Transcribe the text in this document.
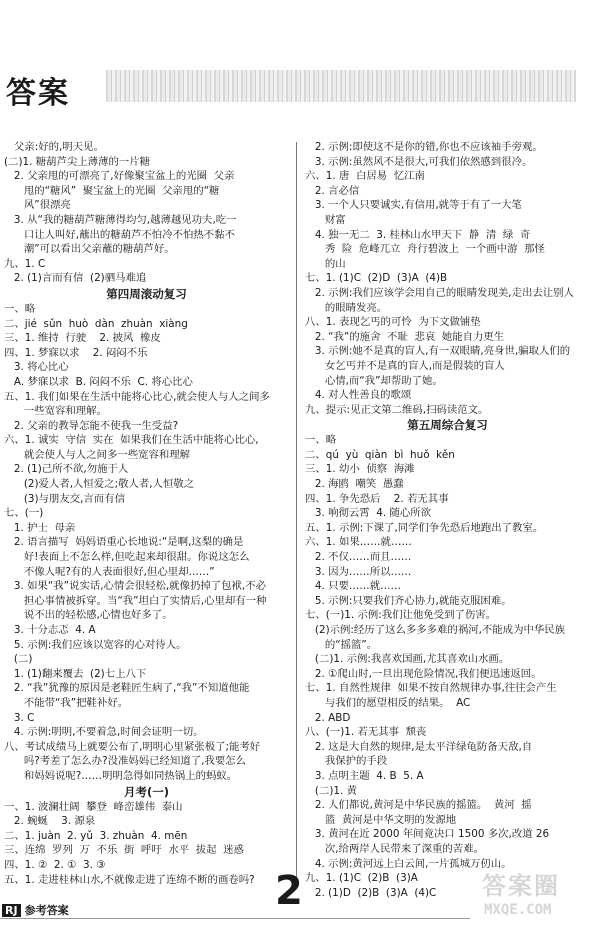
答案
父亲:好的,明天见。
(二)1. 糖葫芦尖上薄薄的一片糖
2. 父亲甩的可漂亮了,好像聚宝盆上的光圈  父亲
甩的“糖风”  聚宝盆上的光圈  父亲甩的“糖
风”很漂亮
3. 从“我的糖葫芦糖薄得均匀,越薄越见功夫,吃一
口让人叫好,蘸出的糖葫芦不怕冷不怕热不黏不
潮”可以看出父亲蘸的糖葫芦好。
九、1. C
2. (1)言而有信  (2)驷马难追
第四周滚动复习
一、略
二、jié  sǔn  huò  dàn  zhuàn  xiàng
三、1. 维持  行驶    2. 披风  橡皮
四、1. 梦寐以求    2. 闷闷不乐
3. 将心比心
A. 梦寐以求  B. 闷闷不乐  C. 将心比心
五、1. 我们如果在生活中能将心比心,就会使人与人之间多
一些宽容和理解。
2. 父亲的教导怎能不使我一生受益?
六、1. 诚实  守信  实在  如果我们在生活中能将心比心,
就会使人与人之间多一些宽容和理解
2. (1)己所不欲,勿施于人
(2)爱人者,人恒爱之;敬人者,人恒敬之
(3)与朋友交,言而有信
七、(一)
1. 护士  母亲
2. 语言描写  妈妈语重心长地说:“是啊,这梨的确是
好!表面上不怎么样,但吃起来却很甜。你说这怎么
不像人呢?有的人表面很好,但心里却……”
3. 如果“我”说实话,心情会很轻松,就像扔掉了包袱,不必
担心事情被拆穿。当“我”坦白了实情后,心里却有一种
说不出的轻松感,心情也好多了。
3. 十分志忑  4. A
5. 示例:我们应该以宽容的心对待人。
(二)
1. (1)翻来覆去  (2)七上八下
2. “我”犹豫的原因是老鞋匠生病了,“我”不知道他能
不能带“我”把鞋补好。
3. C
4. 示例:明明,不要着急,时间会证明一切。
八、考试成绩马上就要公布了,明明心里紧张极了;能考好
吗?考差了怎么办?没准妈妈已经知道了,我要怎么
和妈妈说呢?……明明急得如同热锅上的蚂蚁。
月考(一)
一、1. 波澜壮阔  攀登  峰峦雄伟  泰山
2. 蜿蜒    3. 源泉
二、1. juàn  2. yǔ  3. zhuàn  4. mēn
三、连绵  罗列  万  不乐  街  呼吁  水平  拔起  迷惑
四、1. ②  2. ①  3. ③
五、1. 走进桂林山水,不就像走进了连绵不断的画卷吗?
2. 示例:即使这不是你的错,你也不应该袖手旁观。
3. 示例:虽然风不是很大,可我们依然感到很冷。
六、1. 唐  白居易  忆江南
2. 言必信
3. 一个人只要诚实,有信用,就等于有了一大笔
财富
4. 独一无二  3. 桂林山水甲天下  静  清  绿  奇
秀  险  危峰兀立  舟行碧波上  一个画中游  那怪
的山
七、1. (1)C  (2)D  (3)A  (4)B
2. 示例:我们应该学会用自己的眼睛发现美,走出去让别人
的眼睛发亮。
八、1. 表现乞丐的可怜  为下文做铺垫
2. “我”的施舍  不耻  悲哀  她能自力更生
3. 示例:她不是真的盲人,有一双眼睛,亮身世,骗取人们的
女乞丐并不是真的盲人,而是假装的盲人
心情,而“我”却帮助了她。
4. 对人性善良的歌颂
九、提示:见正文第二维码,扫码读范文。
第五周综合复习
一、略
二、qú  yù  qiàn  bì  huǒ  kěn
三、1. 幼小  侦察  海滩
2. 海鸥  嘲笑  愚蠢
四、1. 争先恐后    2. 若无其事
3. 响彻云霄  4. 随心所欲
五、1. 示例:下课了,同学们争先恐后地跑出了教室。
六、1. 如果……就……
2. 不仅……而且……
3. 因为……所以……
4. 只要……就……
5. 示例:只要我们齐心协力,就能克服困难。
七、(一)1. 示例:我们让他免受到了伤害。
(2)示例:经历了这么多多多难的祸河,不能成为中华民族
的“摇篮”。
(二)1. 示例:我喜欢国画,尤其喜欢山水画。
2. ①爬山时,一旦出现危险情况,我们便迅速返回。
七、1. 自然性规律  如果不按自然规律办事,往往会产生
与我们的愿望相反的结果。  AC
2. ABD
八、(一)1. 若无其事  颓丧
2. 这是大自然的规律,是太平洋绿龟防备天敌,自
我保护的手段
3. 点明主题  4. B  5. A
(二)1. 黄
2. 人们都说,黄河是中华民族的摇篮。  黄河  摇
篮  黄河是中华文明的发源地
3. 黄河在近 2000 年间竟决口 1500 多次,改道 26
次,给两岸人民带来了深重的苦难。
4. 示例:黄河远上白云间,一片孤城万仞山。
九、1. (1)C  (2)B  (3)A
2. (1)D  (2)B  (3)A  (4)C
RJ 参考答案	2	答案圈
MXQE.COM
